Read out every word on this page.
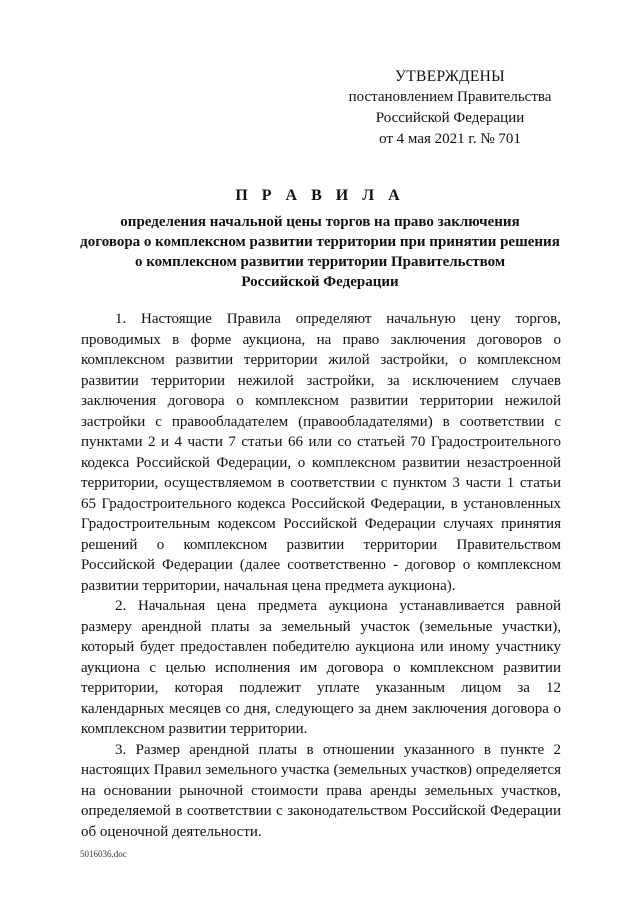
УТВЕРЖДЕНЫ
постановлением Правительства
Российской Федерации
от 4 мая 2021 г. № 701
П Р А В И Л А
определения начальной цены торгов на право заключения
договора о комплексном развитии территории при принятии решения
о комплексном развитии территории Правительством
Российской Федерации

1. Настоящие Правила определяют начальную цену торгов, проводимых в форме аукциона, на право заключения договоров о комплексном развитии территории жилой застройки, о комплексном развитии территории нежилой застройки, за исключением случаев заключения договора о комплексном развитии территории нежилой застройки с правообладателем (правообладателями) в соответствии с пунктами 2 и 4 части 7 статьи 66 или со статьей 70 Градостроительного кодекса Российской Федерации, о комплексном развитии незастроенной территории, осуществляемом в соответствии с пунктом 3 части 1 статьи 65 Градостроительного кодекса Российской Федерации, в установленных Градостроительным кодексом Российской Федерации случаях принятия решений о комплексном развитии территории Правительством Российской Федерации (далее соответственно - договор о комплексном развитии территории, начальная цена предмета аукциона).

2. Начальная цена предмета аукциона устанавливается равной размеру арендной платы за земельный участок (земельные участки), который будет предоставлен победителю аукциона или иному участнику аукциона с целью исполнения им договора о комплексном развитии территории, которая подлежит уплате указанным лицом за 12 календарных месяцев со дня, следующего за днем заключения договора о комплексном развитии территории.

3. Размер арендной платы в отношении указанного в пункте 2 настоящих Правил земельного участка (земельных участков) определяется на основании рыночной стоимости права аренды земельных участков, определяемой в соответствии с законодательством Российской Федерации об оценочной деятельности.

5016036.doc
